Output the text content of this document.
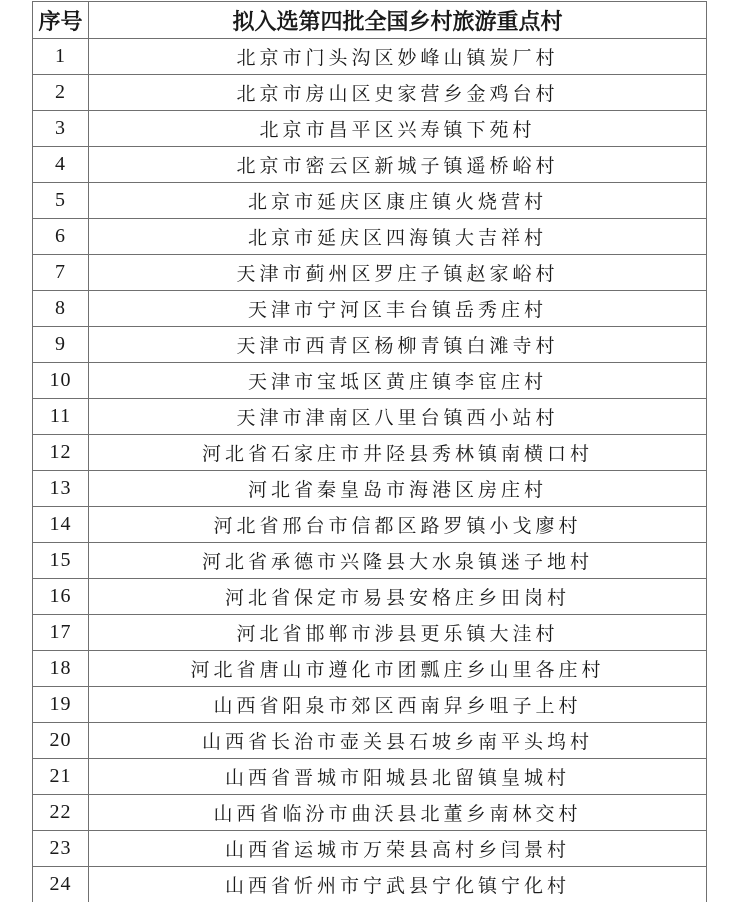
序号	拟入选第四批全国乡村旅游重点村
1	北京市门头沟区妙峰山镇炭厂村
2	北京市房山区史家营乡金鸡台村
3	北京市昌平区兴寿镇下苑村
4	北京市密云区新城子镇遥桥峪村
5	北京市延庆区康庄镇火烧营村
6	北京市延庆区四海镇大吉祥村
7	天津市蓟州区罗庄子镇赵家峪村
8	天津市宁河区丰台镇岳秀庄村
9	天津市西青区杨柳青镇白滩寺村
10	天津市宝坻区黄庄镇李宦庄村
11	天津市津南区八里台镇西小站村
12	河北省石家庄市井陉县秀林镇南横口村
13	河北省秦皇岛市海港区房庄村
14	河北省邢台市信都区路罗镇小戈廖村
15	河北省承德市兴隆县大水泉镇迷子地村
16	河北省保定市易县安格庄乡田岗村
17	河北省邯郸市涉县更乐镇大洼村
18	河北省唐山市遵化市团瓢庄乡山里各庄村
19	山西省阳泉市郊区西南舁乡咀子上村
20	山西省长治市壶关县石坡乡南平头坞村
21	山西省晋城市阳城县北留镇皇城村
22	山西省临汾市曲沃县北董乡南林交村
23	山西省运城市万荣县高村乡闫景村
24	山西省忻州市宁武县宁化镇宁化村
